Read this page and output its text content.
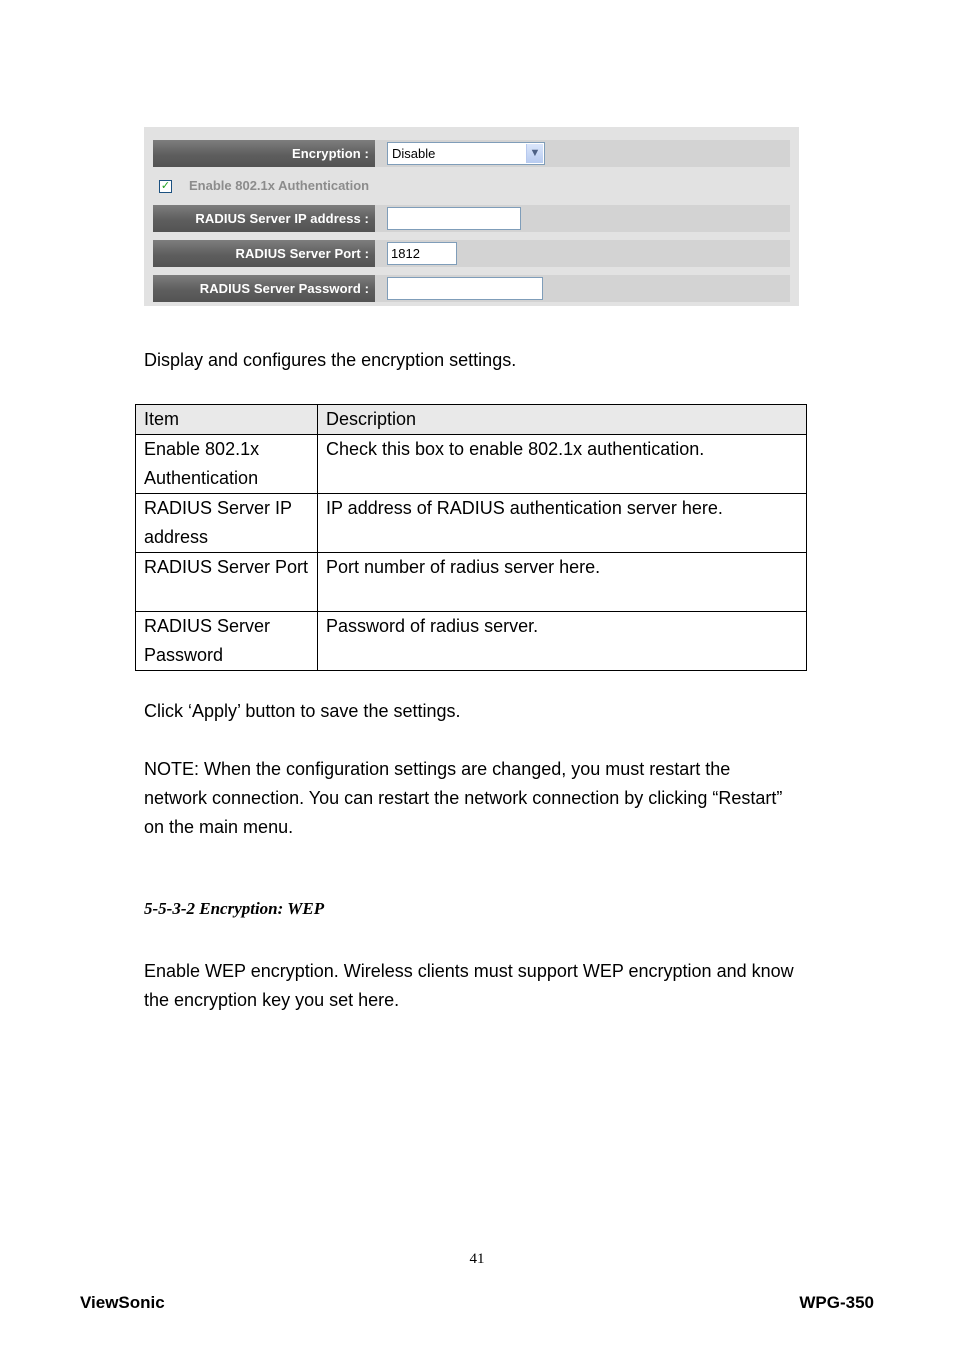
Encryption :	Disable	▼
✓ Enable 802.1x Authentication
RADIUS Server IP address :
RADIUS Server Port :	1812
RADIUS Server Password :

Display and configures the encryption settings.

Item	Description
Enable 802.1x Authentication	Check this box to enable 802.1x authentication.
RADIUS Server IP address	IP address of RADIUS authentication server here.
RADIUS Server Port	Port number of radius server here.
RADIUS Server Password	Password of radius server.

Click ‘Apply’ button to save the settings.

NOTE: When the configuration settings are changed, you must restart the network connection. You can restart the network connection by clicking “Restart” on the main menu.

5-5-3-2 Encryption: WEP

Enable WEP encryption. Wireless clients must support WEP encryption and know the encryption key you set here.

41
ViewSonic	WPG-350
